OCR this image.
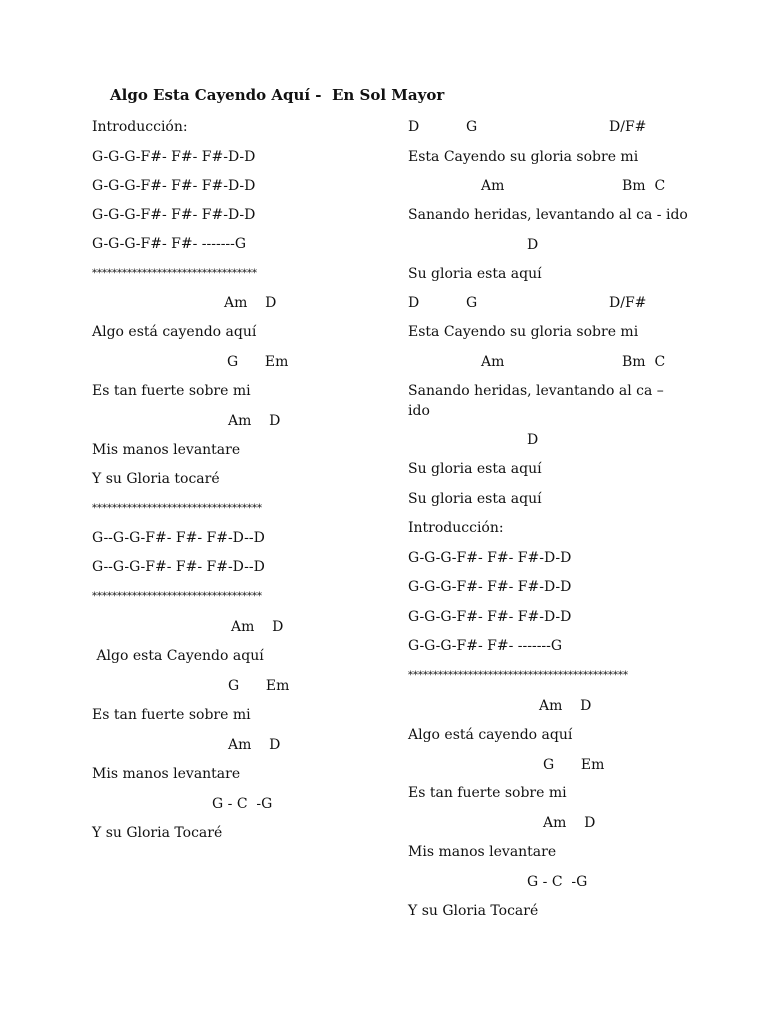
Algo Esta Cayendo Aquí -  En Sol Mayor
Introducción:
G-G-G-F#- F#- F#-D-D
G-G-G-F#- F#- F#-D-D
G-G-G-F#- F#- F#-D-D
G-G-G-F#- F#- -------G
*********************************
Am    D
Algo está cayendo aquí
G      Em
Es tan fuerte sobre mi
Am    D
Mis manos levantare
Y su Gloria tocaré
**********************************
G--G-G-F#- F#- F#-D--D
G--G-G-F#- F#- F#-D--D
**********************************
Am    D
Algo esta Cayendo aquí
G      Em
Es tan fuerte sobre mi
Am    D
Mis manos levantare
G - C  -G
Y su Gloria Tocaré
D	G	D/F#
Esta Cayendo su gloria sobre mi
Am	Bm  C
Sanando heridas, levantando al ca - ido
D
Su gloria esta aquí
D	G	D/F#
Esta Cayendo su gloria sobre mi
Am	Bm  C
Sanando heridas, levantando al ca –
ido
D
Su gloria esta aquí
Su gloria esta aquí
Introducción:
G-G-G-F#- F#- F#-D-D
G-G-G-F#- F#- F#-D-D
G-G-G-F#- F#- F#-D-D
G-G-G-F#- F#- -------G
********************************************
Am    D
Algo está cayendo aquí
G      Em
Es tan fuerte sobre mi
Am    D
Mis manos levantare
G - C  -G
Y su Gloria Tocaré
